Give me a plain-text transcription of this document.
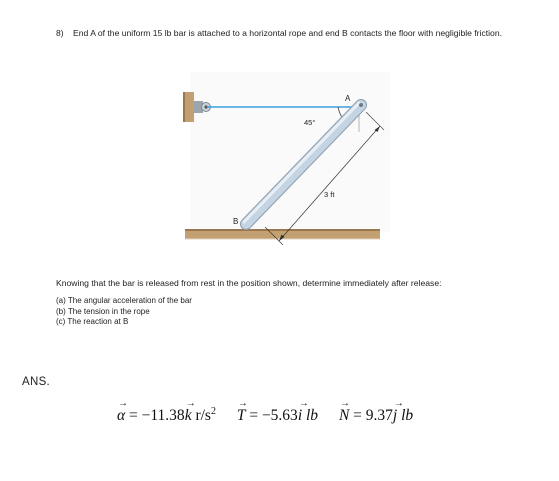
8) End A of the uniform 15 lb bar is attached to a horizontal rope and end B contacts the floor with negligible friction.
A
B
45°
3 ft
Knowing that the bar is released from rest in the position shown, determine immediately after release:
(a) The angular acceleration of the bar
(b) The tension in the rope
(c) The reaction at B
ANS.
→
α = −11.38
→
k $r/s^2$
→
T = −5.63
→
i lb
→
N = 9.37
→
j lb
